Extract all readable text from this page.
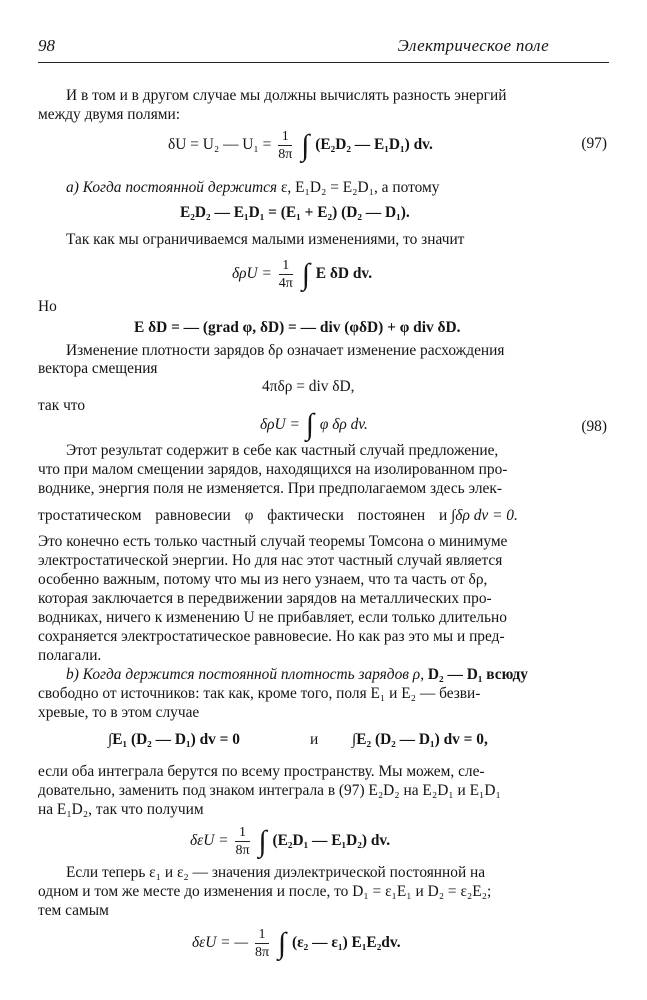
98	Электрическое поле
И в том и в другом случае мы должны вычислять разность энергий
между двумя полями:
δU = U₂ — $U_1 = \frac{1}{8\pi}$ ∫ (E₂D₂ — E₁D₁) dv.	(97)
a) Когда постоянной держится ε, E₁D₂ = E₂D₁, а потому
E₂D₂ — E₁D₁ = (E₁ + E₂) (D₂ — D₁).
Так как мы ограничиваемся малыми изменениями, то значит
$\delta\rho U = \frac{1}{4\pi}$ ∫ E δD dv.
Но
E δD = — (grad φ, δD) = — div (φδD) + φ div δD.
Изменение плотности зарядов δρ означает изменение расхождения
вектора смещения
4πδρ = div δD,
так что
δρU = ∫ φ δρ dv.	(98)
Этот результат содержит в себе как частный случай предложение,
что при малом смещении зарядов, находящихся на изолированном про-
воднике, энергия поля не изменяется. При предполагаемом здесь элек-
тростатическом равновесии φ фактически постоянен и ∫δρ dv = 0.
Это конечно есть только частный случай теоремы Томсона о минимуме
электростатической энергии. Но для нас этот частный случай является
особенно важным, потому что мы из него узнаем, что та часть от δρ,
которая заключается в передвижении зарядов на металлических про-
водниках, ничего к изменению U не прибавляет, если только длительно
сохраняется электростатическое равновесие. Но как раз это мы и пред-
полагали.
b) Когда держится постоянной плотность зарядов ρ, D₂ — D₁ всюду
свободно от источников: так как, кроме того, поля E₁ и E₂ — безви-
хревые, то в этом случае
∫E₁ (D₂ — D₁) dv = 0	и ∫E₂ (D₂ — D₁) dv = 0,
если оба интеграла берутся по всему пространству. Мы можем, сле-
довательно, заменить под знаком интеграла в (97) E₂D₂ на E₂D₁ и E₁D₁
на E₁D₂, так что получим
$\delta\varepsilon U = \frac{1}{8\pi}$ ∫ (E₂D₁ — E₁D₂) dv.
Если теперь ε₁ и ε₂ — значения диэлектрической постоянной на
одном и том же месте до изменения и после, то D₁ = ε₁E₁ и D₂ = ε₂E₂;
тем самым
δεU = — $\frac{1}{8\pi}$ ∫ (ε₂ — ε₁) E₁E₂dv.
